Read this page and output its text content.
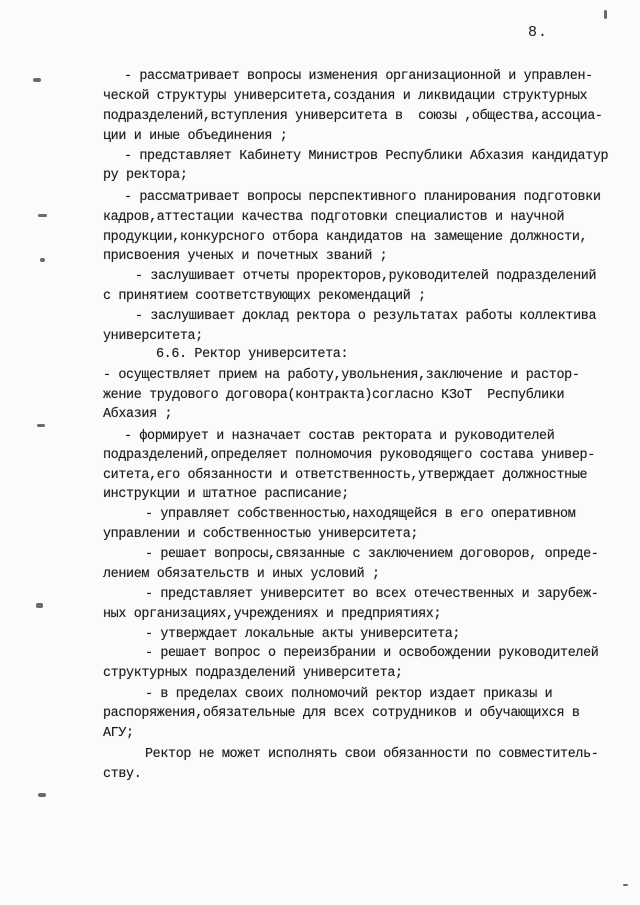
8.
- рассматривает вопросы изменения организационной и управлен-
ческой структуры университета,создания и ликвидации структурных
подразделений,вступления университета в  союзы ,общества,ассоциа-
ции и иные объединения ;
- представляет Кабинету Министров Республики Абхазия кандидатур
ру ректора;
- рассматривает вопросы перспективного планирования подготовки
кадров,аттестации качества подготовки специалистов и научной
продукции,конкурсного отбора кандидатов на замещение должности,
присвоения ученых и почетных званий ;
- заслушивает отчеты проректоров,руководителей подразделений
с принятием соответствующих рекомендаций ;
- заслушивает доклад ректора о результатах работы коллектива
университета;
6.6. Ректор университета:
- осуществляет прием на работу,увольнения,заключение и растор-
жение трудового договора(контракта)согласно КЗоТ  Республики
Абхазия ;
- формирует и назначает состав ректората и руководителей
подразделений,определяет полномочия руководящего состава универ-
ситета,его обязанности и ответственность,утверждает должностные
инструкции и штатное расписание;
- управляет собственностью,находящейся в его оперативном
управлении и собственностью университета;
- решает вопросы,связанные с заключением договоров, опреде-
лением обязательств и иных условий ;
- представляет университет во всех отечественных и зарубеж-
ных организациях,учреждениях и предприятиях;
- утверждает локальные акты университета;
- решает вопрос о переизбрании и освобождении руководителей
структурных подразделений университета;
- в пределах своих полномочий ректор издает приказы и
распоряжения,обязательные для всех сотрудников и обучающихся в
АГУ;
Ректор не может исполнять свои обязанности по совместитель-
ству.
